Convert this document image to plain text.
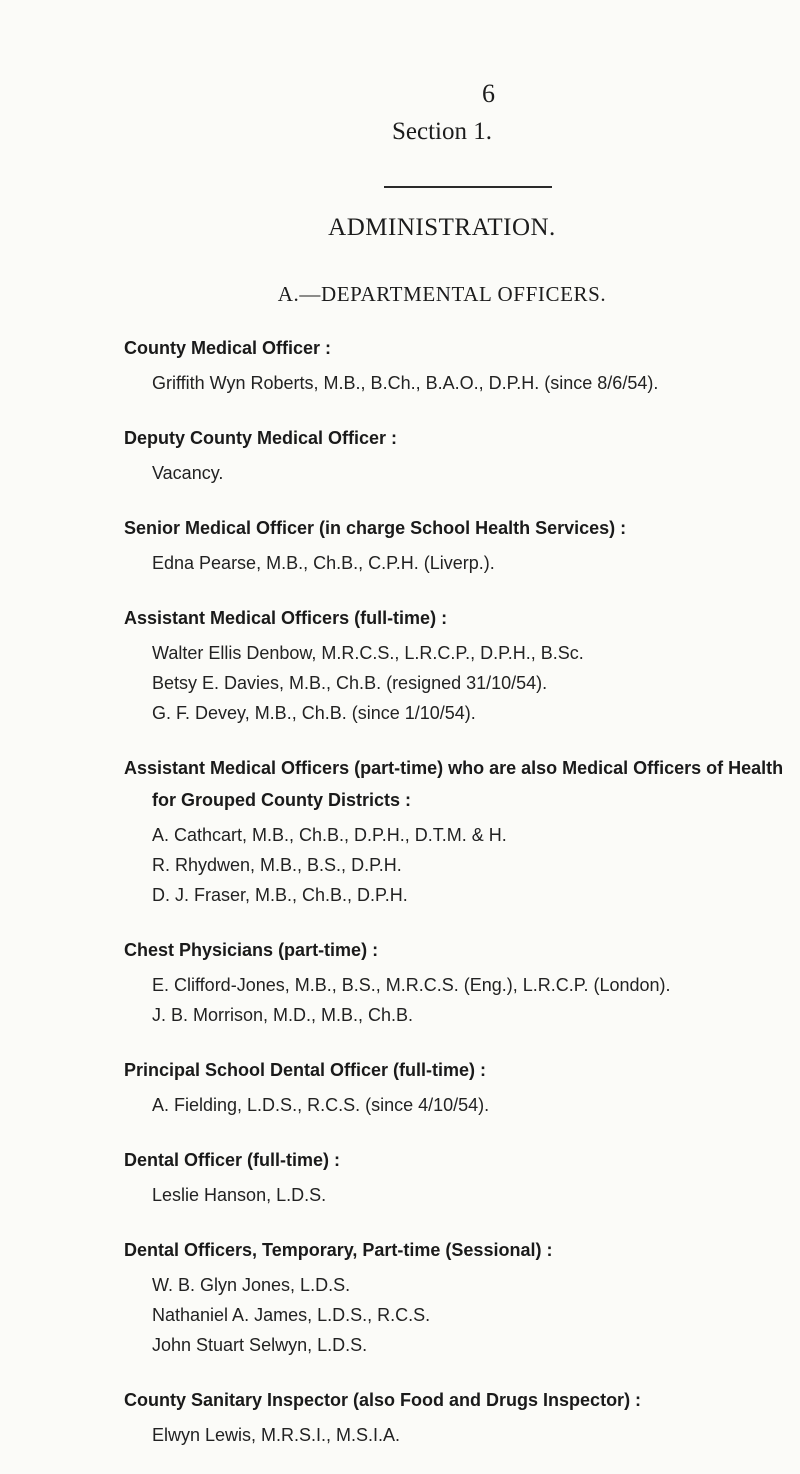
6
Section 1.
ADMINISTRATION.
A.—DEPARTMENTAL OFFICERS.
County Medical Officer :
Griffith Wyn Roberts, M.B., B.Ch., B.A.O., D.P.H. (since 8/6/54).
Deputy County Medical Officer :
Vacancy.
Senior Medical Officer (in charge School Health Services) :
Edna Pearse, M.B., Ch.B., C.P.H. (Liverp.).
Assistant Medical Officers (full-time) :
Walter Ellis Denbow, M.R.C.S., L.R.C.P., D.P.H., B.Sc.
Betsy E. Davies, M.B., Ch.B. (resigned 31/10/54).
G. F. Devey, M.B., Ch.B. (since 1/10/54).
Assistant Medical Officers (part-time) who are also Medical Officers of Health
for Grouped County Districts :
A. Cathcart, M.B., Ch.B., D.P.H., D.T.M. & H.
R. Rhydwen, M.B., B.S., D.P.H.
D. J. Fraser, M.B., Ch.B., D.P.H.
Chest Physicians (part-time) :
E. Clifford-Jones, M.B., B.S., M.R.C.S. (Eng.), L.R.C.P. (London).
J. B. Morrison, M.D., M.B., Ch.B.
Principal School Dental Officer (full-time) :
A. Fielding, L.D.S., R.C.S. (since 4/10/54).
Dental Officer (full-time) :
Leslie Hanson, L.D.S.
Dental Officers, Temporary, Part-time (Sessional) :
W. B. Glyn Jones, L.D.S.
Nathaniel A. James, L.D.S., R.C.S.
John Stuart Selwyn, L.D.S.
County Sanitary Inspector (also Food and Drugs Inspector) :
Elwyn Lewis, M.R.S.I., M.S.I.A.
